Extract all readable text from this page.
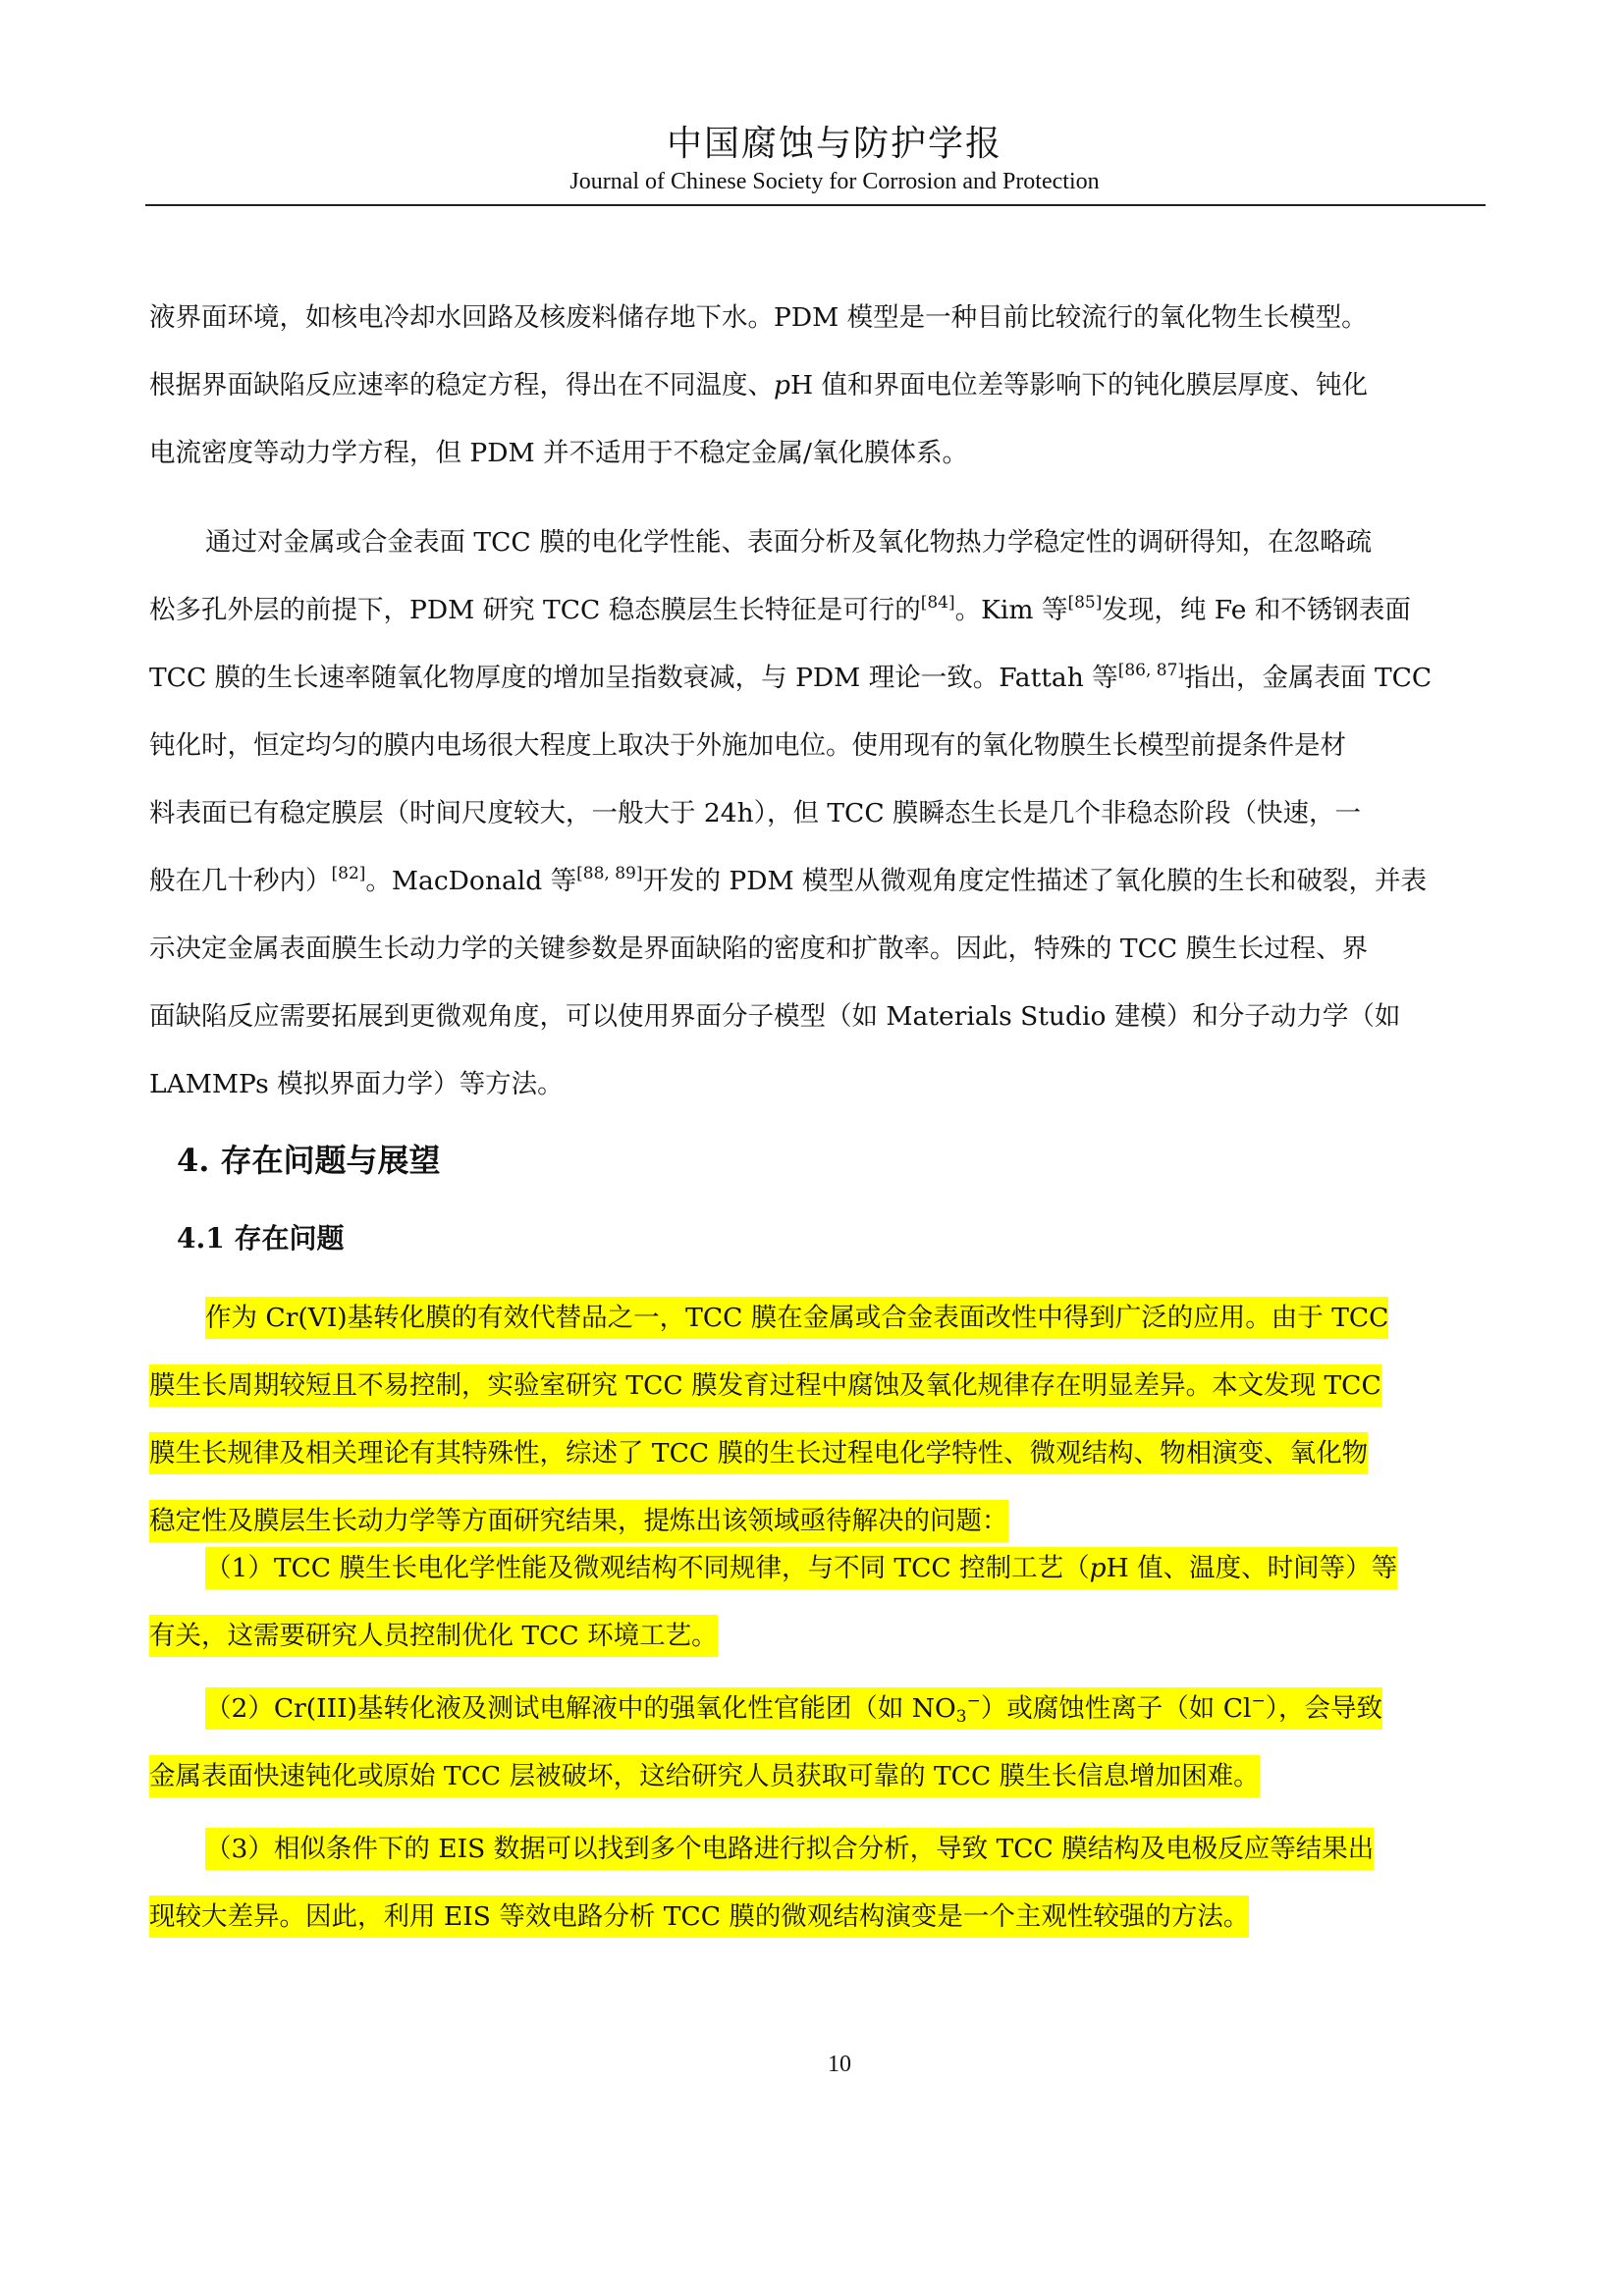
中国腐蚀与防护学报
Journal of Chinese Society for Corrosion and Protection
液界面环境，如核电冷却水回路及核废料储存地下水。PDM 模型是一种目前比较流行的氧化物生长模型。
根据界面缺陷反应速率的稳定方程，得出在不同温度、pH 值和界面电位差等影响下的钝化膜层厚度、钝化
电流密度等动力学方程，但 PDM 并不适用于不稳定金属/氧化膜体系。
通过对金属或合金表面 TCC 膜的电化学性能、表面分析及氧化物热力学稳定性的调研得知，在忽略疏
松多孔外层的前提下，PDM 研究 TCC 稳态膜层生长特征是可行的[84]。Kim 等[85]发现，纯 Fe 和不锈钢表面
TCC 膜的生长速率随氧化物厚度的增加呈指数衰减，与 PDM 理论一致。Fattah 等[86, 87]指出，金属表面 TCC
钝化时，恒定均匀的膜内电场很大程度上取决于外施加电位。使用现有的氧化物膜生长模型前提条件是材
料表面已有稳定膜层（时间尺度较大，一般大于 24h），但 TCC 膜瞬态生长是几个非稳态阶段（快速，一
般在几十秒内）[82]。MacDonald 等[88, 89]开发的 PDM 模型从微观角度定性描述了氧化膜的生长和破裂，并表
示决定金属表面膜生长动力学的关键参数是界面缺陷的密度和扩散率。因此，特殊的 TCC 膜生长过程、界
面缺陷反应需要拓展到更微观角度，可以使用界面分子模型（如 Materials Studio 建模）和分子动力学（如
LAMMPs 模拟界面力学）等方法。
4. 存在问题与展望
4.1 存在问题
作为 Cr(VI)基转化膜的有效代替品之一，TCC 膜在金属或合金表面改性中得到广泛的应用。由于 TCC
膜生长周期较短且不易控制，实验室研究 TCC 膜发育过程中腐蚀及氧化规律存在明显差异。本文发现 TCC
膜生长规律及相关理论有其特殊性，综述了 TCC 膜的生长过程电化学特性、微观结构、物相演变、氧化物
稳定性及膜层生长动力学等方面研究结果，提炼出该领域亟待解决的问题：
（1）TCC 膜生长电化学性能及微观结构不同规律，与不同 TCC 控制工艺（pH 值、温度、时间等）等
有关，这需要研究人员控制优化 TCC 环境工艺。
（2）Cr(III)基转化液及测试电解液中的强氧化性官能团（如 $NO_3^-$）或腐蚀性离子（如 Cl−），会导致
金属表面快速钝化或原始 TCC 层被破坏，这给研究人员获取可靠的 TCC 膜生长信息增加困难。
（3）相似条件下的 EIS 数据可以找到多个电路进行拟合分析，导致 TCC 膜结构及电极反应等结果出
现较大差异。因此，利用 EIS 等效电路分析 TCC 膜的微观结构演变是一个主观性较强的方法。
10
